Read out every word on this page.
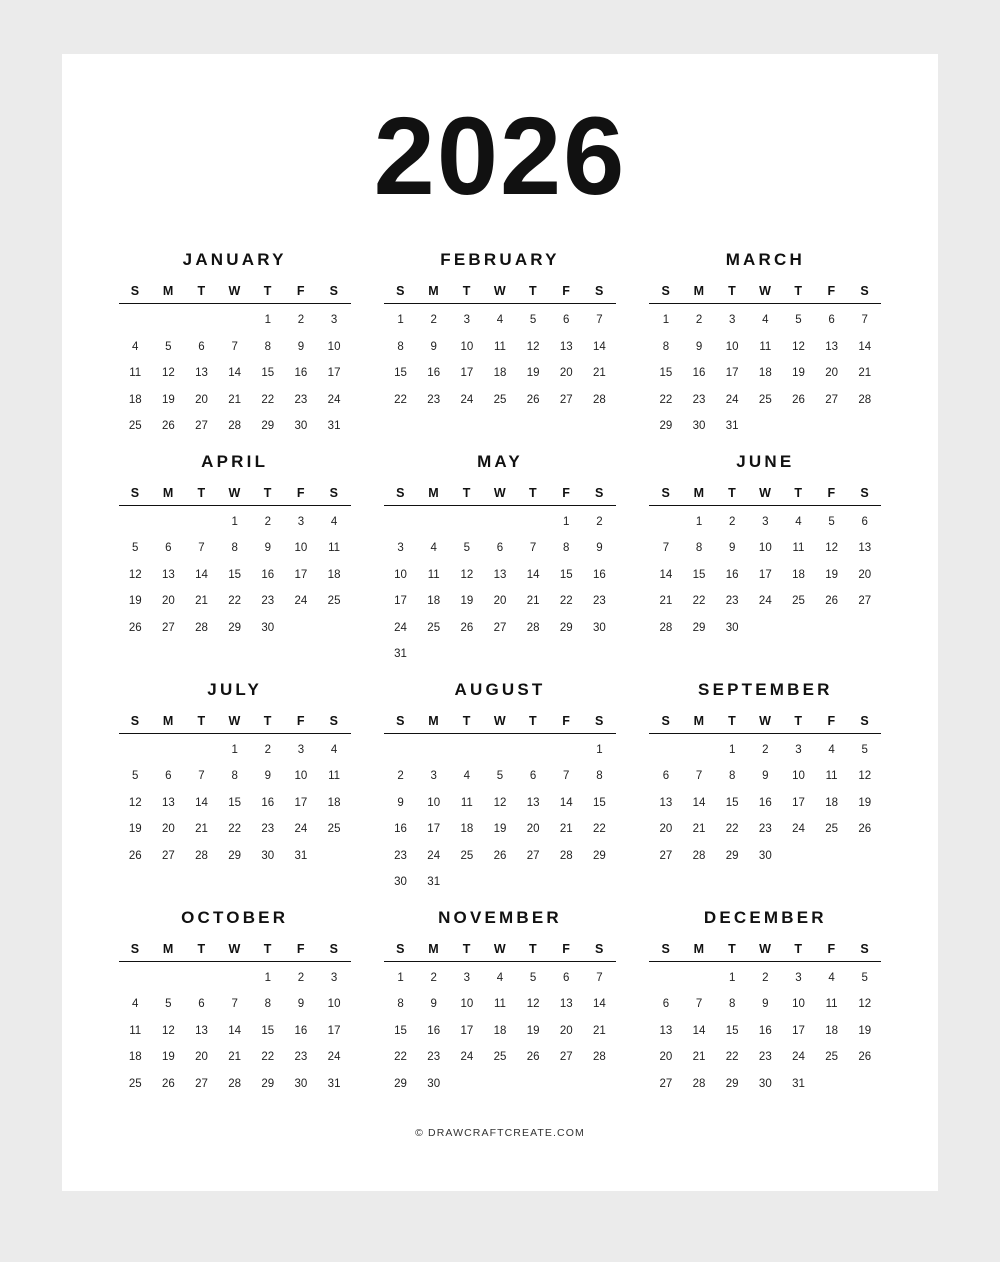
2026
JANUARY
S	M	T	W	T	F	S
				1	2	3
4	5	6	7	8	9	10
11	12	13	14	15	16	17
18	19	20	21	22	23	24
25	26	27	28	29	30	31
FEBRUARY
S	M	T	W	T	F	S
1	2	3	4	5	6	7
8	9	10	11	12	13	14
15	16	17	18	19	20	21
22	23	24	25	26	27	28
MARCH
S	M	T	W	T	F	S
1	2	3	4	5	6	7
8	9	10	11	12	13	14
15	16	17	18	19	20	21
22	23	24	25	26	27	28
29	30	31				
APRIL
S	M	T	W	T	F	S
			1	2	3	4
5	6	7	8	9	10	11
12	13	14	15	16	17	18
19	20	21	22	23	24	25
26	27	28	29	30		
MAY
S	M	T	W	T	F	S
					1	2
3	4	5	6	7	8	9
10	11	12	13	14	15	16
17	18	19	20	21	22	23
24	25	26	27	28	29	30
31						
JUNE
S	M	T	W	T	F	S
	1	2	3	4	5	6
7	8	9	10	11	12	13
14	15	16	17	18	19	20
21	22	23	24	25	26	27
28	29	30				
JULY
S	M	T	W	T	F	S
			1	2	3	4
5	6	7	8	9	10	11
12	13	14	15	16	17	18
19	20	21	22	23	24	25
26	27	28	29	30	31	
AUGUST
S	M	T	W	T	F	S
						1
2	3	4	5	6	7	8
9	10	11	12	13	14	15
16	17	18	19	20	21	22
23	24	25	26	27	28	29
30	31					
SEPTEMBER
S	M	T	W	T	F	S
		1	2	3	4	5
6	7	8	9	10	11	12
13	14	15	16	17	18	19
20	21	22	23	24	25	26
27	28	29	30			
OCTOBER
S	M	T	W	T	F	S
				1	2	3
4	5	6	7	8	9	10
11	12	13	14	15	16	17
18	19	20	21	22	23	24
25	26	27	28	29	30	31
NOVEMBER
S	M	T	W	T	F	S
1	2	3	4	5	6	7
8	9	10	11	12	13	14
15	16	17	18	19	20	21
22	23	24	25	26	27	28
29	30					
DECEMBER
S	M	T	W	T	F	S
		1	2	3	4	5
6	7	8	9	10	11	12
13	14	15	16	17	18	19
20	21	22	23	24	25	26
27	28	29	30	31		
© DRAWCRAFTCREATE.COM
